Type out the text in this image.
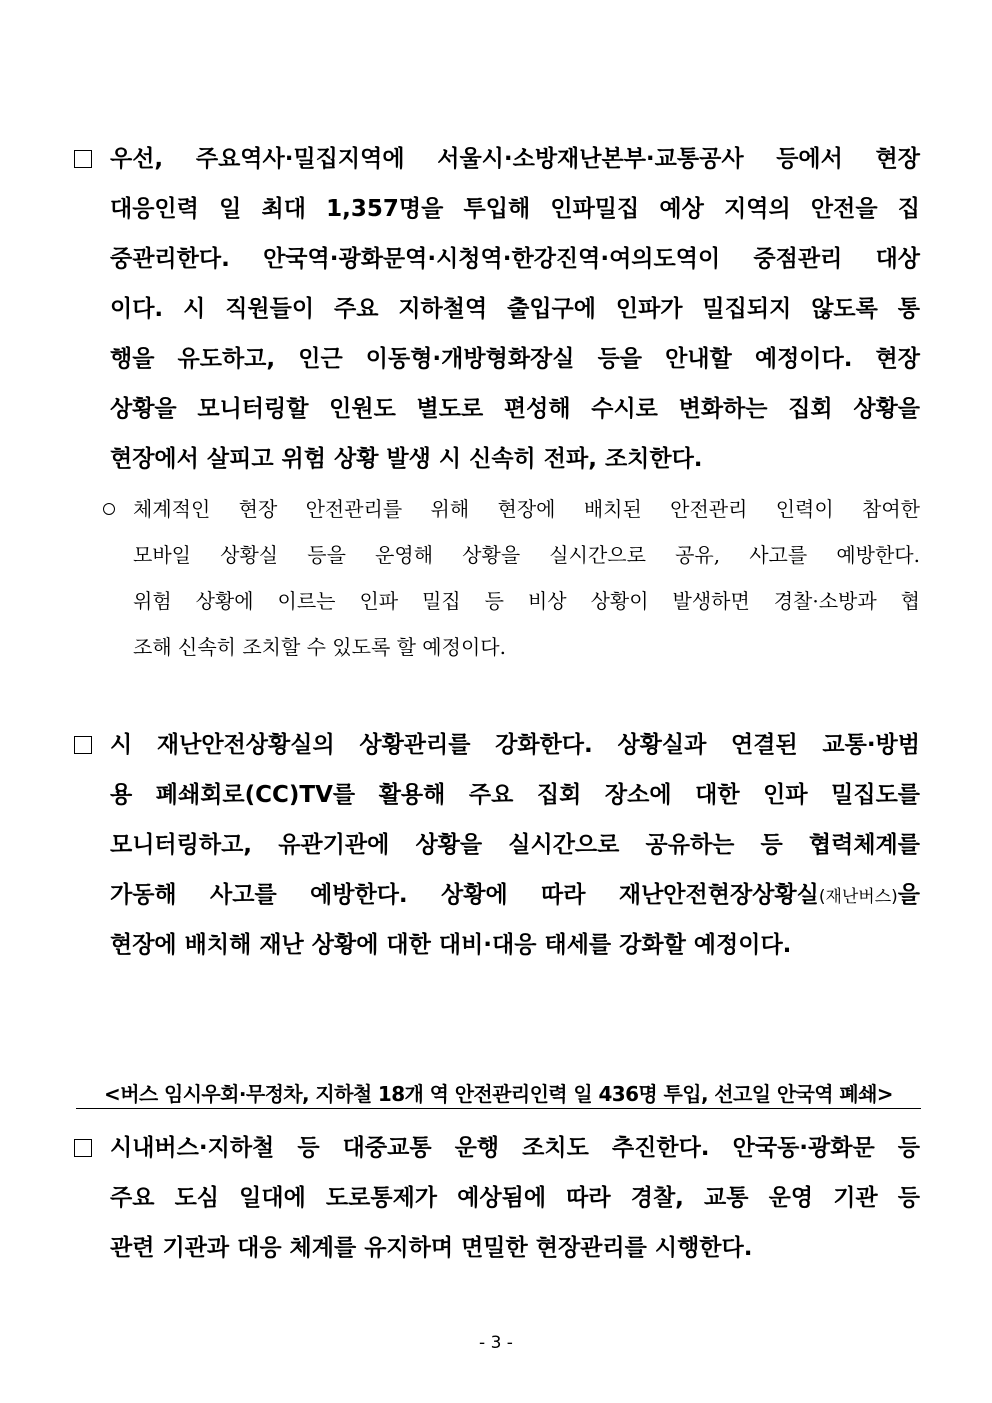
우선, 주요역사·밀집지역에 서울시·소방재난본부·교통공사 등에서 현장
대응인력 일 최대 1,357명을 투입해 인파밀집 예상 지역의 안전을 집
중관리한다. 안국역·광화문역·시청역·한강진역·여의도역이 중점관리 대상
이다. 시 직원들이 주요 지하철역 출입구에 인파가 밀집되지 않도록 통
행을 유도하고, 인근 이동형·개방형화장실 등을 안내할 예정이다. 현장
상황을 모니터링할 인원도 별도로 편성해 수시로 변화하는 집회 상황을
현장에서 살피고 위험 상황 발생 시 신속히 전파, 조치한다.
체계적인 현장 안전관리를 위해 현장에 배치된 안전관리 인력이 참여한
모바일 상황실 등을 운영해 상황을 실시간으로 공유, 사고를 예방한다.
위험 상황에 이르는 인파 밀집 등 비상 상황이 발생하면 경찰·소방과 협
조해 신속히 조치할 수 있도록 할 예정이다.
시 재난안전상황실의 상황관리를 강화한다. 상황실과 연결된 교통·방범
용 폐쇄회로(CC)TV를 활용해 주요 집회 장소에 대한 인파 밀집도를
모니터링하고, 유관기관에 상황을 실시간으로 공유하는 등 협력체계를
가동해 사고를 예방한다. 상황에 따라 재난안전현장상황실(재난버스)을
현장에 배치해 재난 상황에 대한 대비·대응 태세를 강화할 예정이다.
<버스 임시우회·무정차, 지하철 18개 역 안전관리인력 일 436명 투입, 선고일 안국역 폐쇄>
시내버스·지하철 등 대중교통 운행 조치도 추진한다. 안국동·광화문 등
주요 도심 일대에 도로통제가 예상됨에 따라 경찰, 교통 운영 기관 등
관련 기관과 대응 체계를 유지하며 면밀한 현장관리를 시행한다.
- 3 -
